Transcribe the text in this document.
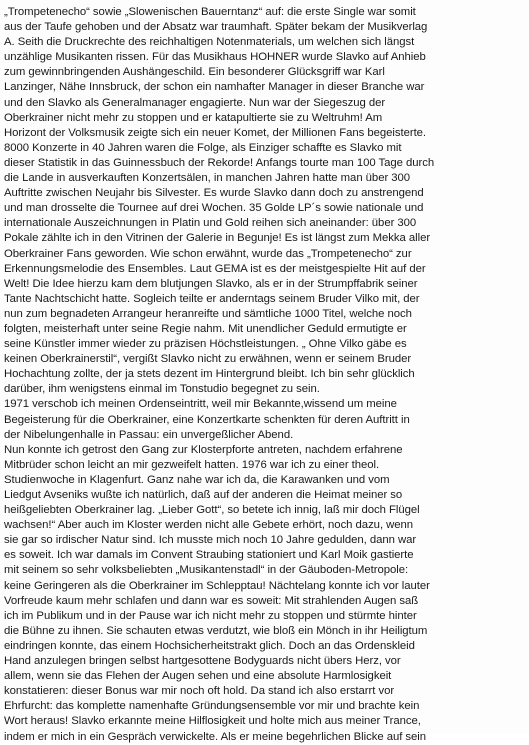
„Trompetenecho“ sowie „Slowenischen Bauerntanz“ auf: die erste Single war somit
aus der Taufe gehoben und der Absatz war traumhaft. Später bekam der Musikverlag
A. Seith die Druckrechte des reichhaltigen Notenmaterials, um welchen sich längst
unzählige Musikanten rissen. Für das Musikhaus HOHNER wurde Slavko auf Anhieb
zum gewinnbringenden Aushängeschild. Ein besonderer Glücksgriff war Karl
Lanzinger, Nähe Innsbruck, der schon ein namhafter Manager in dieser Branche war
und den Slavko als Generalmanager engagierte. Nun war der Siegeszug der
Oberkrainer nicht mehr zu stoppen und er katapultierte sie zu Weltruhm! Am
Horizont der Volksmusik zeigte sich ein neuer Komet, der Millionen Fans begeisterte.
8000 Konzerte in 40 Jahren waren die Folge, als Einziger schaffte es Slavko mit
dieser Statistik in das Guinnessbuch der Rekorde! Anfangs tourte man 100 Tage durch
die Lande in ausverkauften Konzertsälen, in manchen Jahren hatte man über 300
Auftritte zwischen Neujahr bis Silvester. Es wurde Slavko dann doch zu anstrengend
und man drosselte die Tournee auf drei Wochen. 35 Golde LP´s sowie nationale und
internationale Auszeichnungen in Platin und Gold reihen sich aneinander: über 300
Pokale zählte ich in den Vitrinen der Galerie in Begunje! Es ist längst zum Mekka aller
Oberkrainer Fans geworden. Wie schon erwähnt, wurde das „Trompetenecho“ zur
Erkennungsmelodie des Ensembles. Laut GEMA ist es der meistgespielte Hit auf der
Welt! Die Idee hierzu kam dem blutjungen Slavko, als er in der Strumpffabrik seiner
Tante Nachtschicht hatte. Sogleich teilte er anderntags seinem Bruder Vilko mit, der
nun zum begnadeten Arrangeur heranreifte und sämtliche 1000 Titel, welche noch
folgten, meisterhaft unter seine Regie nahm. Mit unendlicher Geduld ermutigte er
seine Künstler immer wieder zu präzisen Höchstleistungen. „ Ohne Vilko gäbe es
keinen Oberkrainerstil“, vergißt Slavko nicht zu erwähnen, wenn er seinem Bruder
Hochachtung zollte, der ja stets dezent im Hintergrund bleibt. Ich bin sehr glücklich
darüber, ihm wenigstens einmal im Tonstudio begegnet zu sein.
1971 verschob ich meinen Ordenseintritt, weil mir Bekannte,wissend um meine
Begeisterung für die Oberkrainer, eine Konzertkarte schenkten für deren Auftritt in
der Nibelungenhalle in Passau: ein unvergeßlicher Abend.
Nun konnte ich getrost den Gang zur Klosterpforte antreten, nachdem erfahrene
Mitbrüder schon leicht an mir gezweifelt hatten. 1976 war ich zu einer theol.
Studienwoche in Klagenfurt. Ganz nahe war ich da, die Karawanken und vom
Liedgut Avseniks wußte ich natürlich, daß auf der anderen die Heimat meiner so
heißgeliebten Oberkrainer lag. „Lieber Gott“, so betete ich innig, laß mir doch Flügel
wachsen!“ Aber auch im Kloster werden nicht alle Gebete erhört, noch dazu, wenn
sie gar so irdischer Natur sind. Ich musste mich noch 10 Jahre gedulden, dann war
es soweit. Ich war damals im Convent Straubing stationiert und Karl Moik gastierte
mit seinem so sehr volksbeliebten „Musikantenstadl“ in der Gäuboden-Metropole:
keine Geringeren als die Oberkrainer im Schlepptau! Nächtelang konnte ich vor lauter
Vorfreude kaum mehr schlafen und dann war es soweit: Mit strahlenden Augen saß
ich im Publikum und in der Pause war ich nicht mehr zu stoppen und stürmte hinter
die Bühne zu ihnen. Sie schauten etwas verdutzt, wie bloß ein Mönch in ihr Heiligtum
eindringen konnte, das einem Hochsicherheitstrakt glich. Doch an das Ordenskleid
Hand anzulegen bringen selbst hartgesottene Bodyguards nicht übers Herz, vor
allem, wenn sie das Flehen der Augen sehen und eine absolute Harmlosigkeit
konstatieren: dieser Bonus war mir noch oft hold. Da stand ich also erstarrt vor
Ehrfurcht: das komplette namenhafte Gründungsensemble vor mir und brachte kein
Wort heraus! Slavko erkannte meine Hilflosigkeit und holte mich aus meiner Trance,
indem er mich in ein Gespräch verwickelte. Als er meine begehrlichen Blicke auf sein
